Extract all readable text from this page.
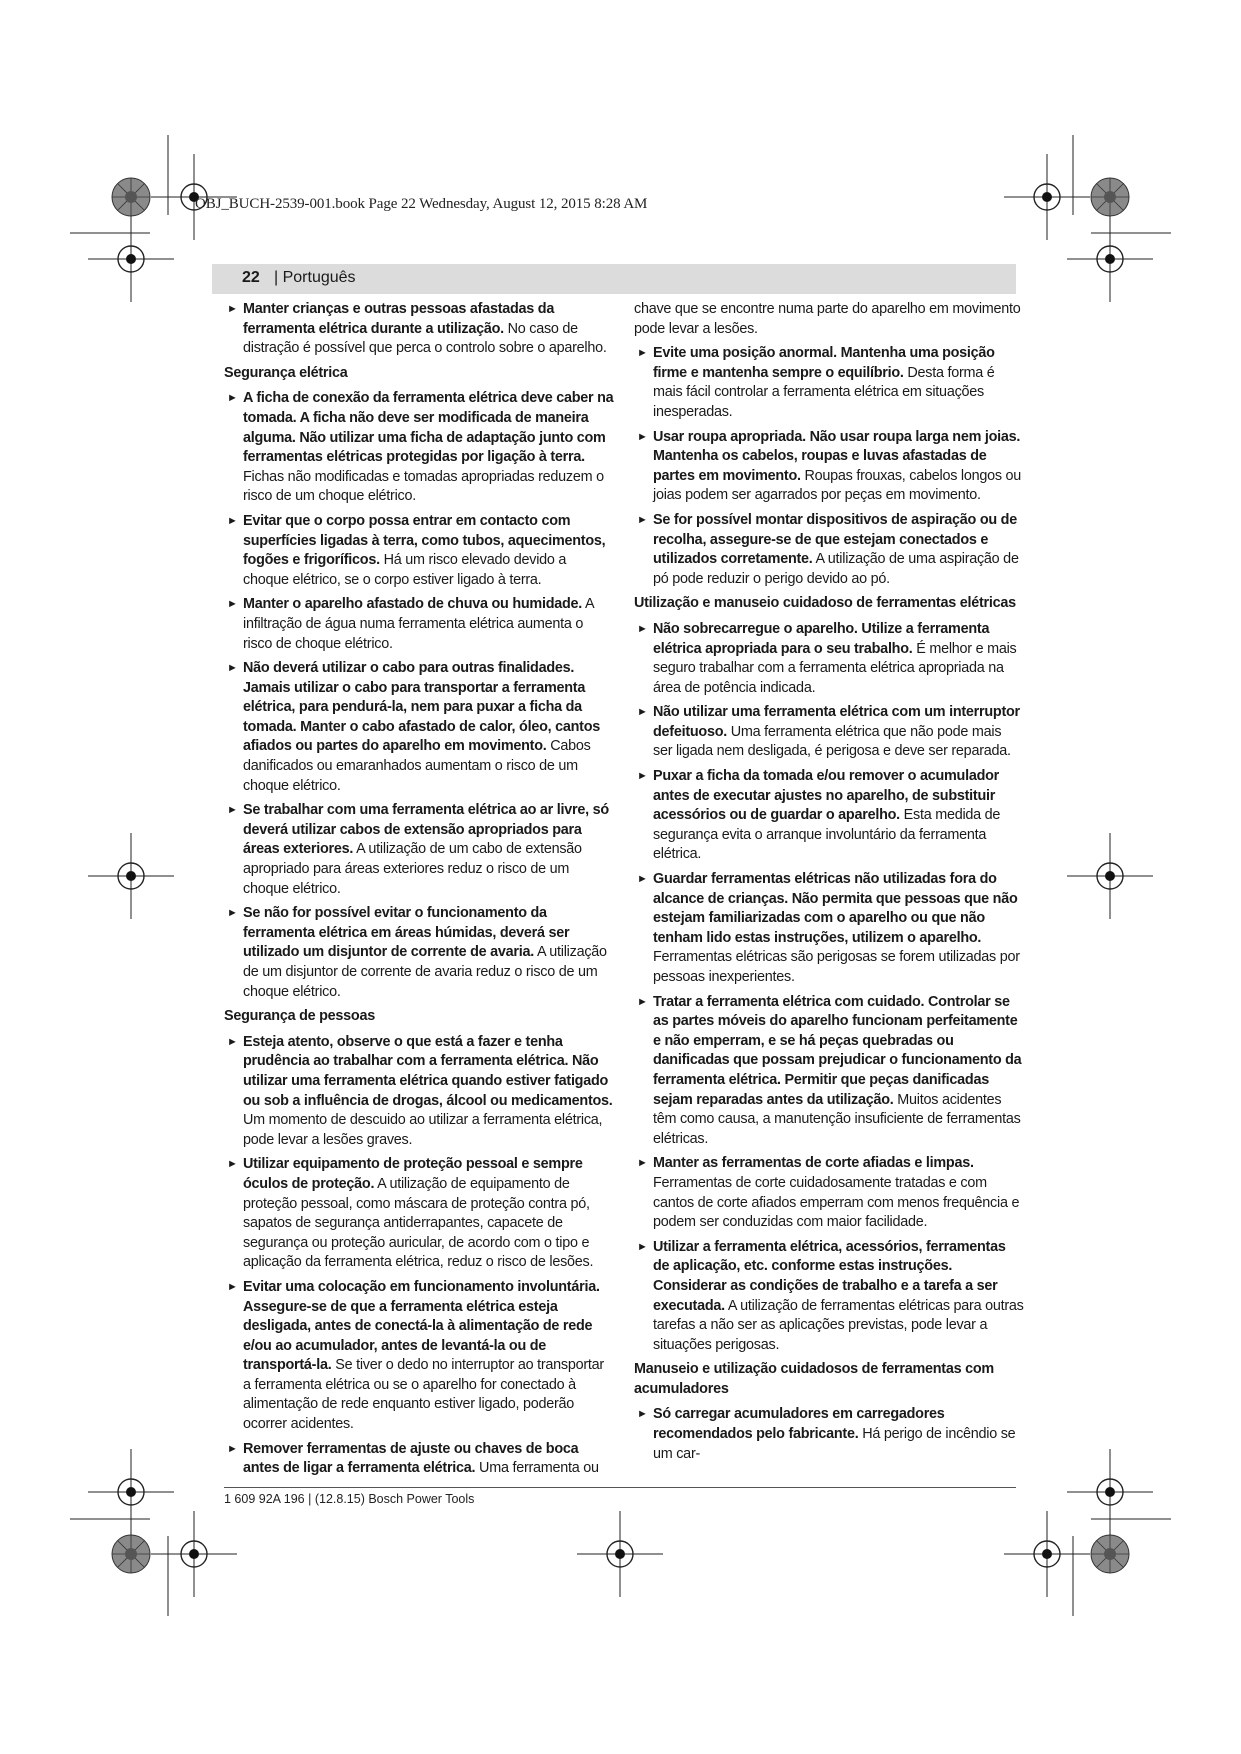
OBJ_BUCH-2539-001.book Page 22 Wednesday, August 12, 2015 8:28 AM
22 | Português
► Manter crianças e outras pessoas afastadas da ferramenta elétrica durante a utilização. No caso de distração é possível que perca o controlo sobre o aparelho.
Segurança elétrica
► A ficha de conexão da ferramenta elétrica deve caber na tomada. A ficha não deve ser modificada de maneira alguma. Não utilizar uma ficha de adaptação junto com ferramentas elétricas protegidas por ligação à terra. Fichas não modificadas e tomadas apropriadas reduzem o risco de um choque elétrico.
► Evitar que o corpo possa entrar em contacto com superfícies ligadas à terra, como tubos, aquecimentos, fogões e frigoríficos. Há um risco elevado devido a choque elétrico, se o corpo estiver ligado à terra.
► Manter o aparelho afastado de chuva ou humidade. A infiltração de água numa ferramenta elétrica aumenta o risco de choque elétrico.
► Não deverá utilizar o cabo para outras finalidades. Jamais utilizar o cabo para transportar a ferramenta elétrica, para pendurá-la, nem para puxar a ficha da tomada. Manter o cabo afastado de calor, óleo, cantos afiados ou partes do aparelho em movimento. Cabos danificados ou emaranhados aumentam o risco de um choque elétrico.
► Se trabalhar com uma ferramenta elétrica ao ar livre, só deverá utilizar cabos de extensão apropriados para áreas exteriores. A utilização de um cabo de extensão apropriado para áreas exteriores reduz o risco de um choque elétrico.
► Se não for possível evitar o funcionamento da ferramenta elétrica em áreas húmidas, deverá ser utilizado um disjuntor de corrente de avaria. A utilização de um disjuntor de corrente de avaria reduz o risco de um choque elétrico.
Segurança de pessoas
► Esteja atento, observe o que está a fazer e tenha prudência ao trabalhar com a ferramenta elétrica. Não utilizar uma ferramenta elétrica quando estiver fatigado ou sob a influência de drogas, álcool ou medicamentos. Um momento de descuido ao utilizar a ferramenta elétrica, pode levar a lesões graves.
► Utilizar equipamento de proteção pessoal e sempre óculos de proteção. A utilização de equipamento de proteção pessoal, como máscara de proteção contra pó, sapatos de segurança antiderrapantes, capacete de segurança ou proteção auricular, de acordo com o tipo e aplicação da ferramenta elétrica, reduz o risco de lesões.
► Evitar uma colocação em funcionamento involuntária. Assegure-se de que a ferramenta elétrica esteja desligada, antes de conectá-la à alimentação de rede e/ou ao acumulador, antes de levantá-la ou de transportá-la. Se tiver o dedo no interruptor ao transportar a ferramenta elétrica ou se o aparelho for conectado à alimentação de rede enquanto estiver ligado, poderão ocorrer acidentes.
► Remover ferramentas de ajuste ou chaves de boca antes de ligar a ferramenta elétrica. Uma ferramenta ou

chave que se encontre numa parte do aparelho em movimento pode levar a lesões.

► Evite uma posição anormal. Mantenha uma posição firme e mantenha sempre o equilíbrio. Desta forma é mais fácil controlar a ferramenta elétrica em situações inesperadas.
► Usar roupa apropriada. Não usar roupa larga nem joias. Mantenha os cabelos, roupas e luvas afastadas de partes em movimento. Roupas frouxas, cabelos longos ou joias podem ser agarrados por peças em movimento.
► Se for possível montar dispositivos de aspiração ou de recolha, assegure-se de que estejam conectados e utilizados corretamente. A utilização de uma aspiração de pó pode reduzir o perigo devido ao pó.
Utilização e manuseio cuidadoso de ferramentas elétricas
► Não sobrecarregue o aparelho. Utilize a ferramenta elétrica apropriada para o seu trabalho. É melhor e mais seguro trabalhar com a ferramenta elétrica apropriada na área de potência indicada.
► Não utilizar uma ferramenta elétrica com um interruptor defeituoso. Uma ferramenta elétrica que não pode mais ser ligada nem desligada, é perigosa e deve ser reparada.
► Puxar a ficha da tomada e/ou remover o acumulador antes de executar ajustes no aparelho, de substituir acessórios ou de guardar o aparelho. Esta medida de segurança evita o arranque involuntário da ferramenta elétrica.
► Guardar ferramentas elétricas não utilizadas fora do alcance de crianças. Não permita que pessoas que não estejam familiarizadas com o aparelho ou que não tenham lido estas instruções, utilizem o aparelho. Ferramentas elétricas são perigosas se forem utilizadas por pessoas inexperientes.
► Tratar a ferramenta elétrica com cuidado. Controlar se as partes móveis do aparelho funcionam perfeitamente e não emperram, e se há peças quebradas ou danificadas que possam prejudicar o funcionamento da ferramenta elétrica. Permitir que peças danificadas sejam reparadas antes da utilização. Muitos acidentes têm como causa, a manutenção insuficiente de ferramentas elétricas.
► Manter as ferramentas de corte afiadas e limpas. Ferramentas de corte cuidadosamente tratadas e com cantos de corte afiados emperram com menos frequência e podem ser conduzidas com maior facilidade.
► Utilizar a ferramenta elétrica, acessórios, ferramentas de aplicação, etc. conforme estas instruções. Considerar as condições de trabalho e a tarefa a ser executada. A utilização de ferramentas elétricas para outras tarefas a não ser as aplicações previstas, pode levar a situações perigosas.
Manuseio e utilização cuidadosos de ferramentas com acumuladores
► Só carregar acumuladores em carregadores recomendados pelo fabricante. Há perigo de incêndio se um car-
1 609 92A 196 | (12.8.15) Bosch Power Tools
